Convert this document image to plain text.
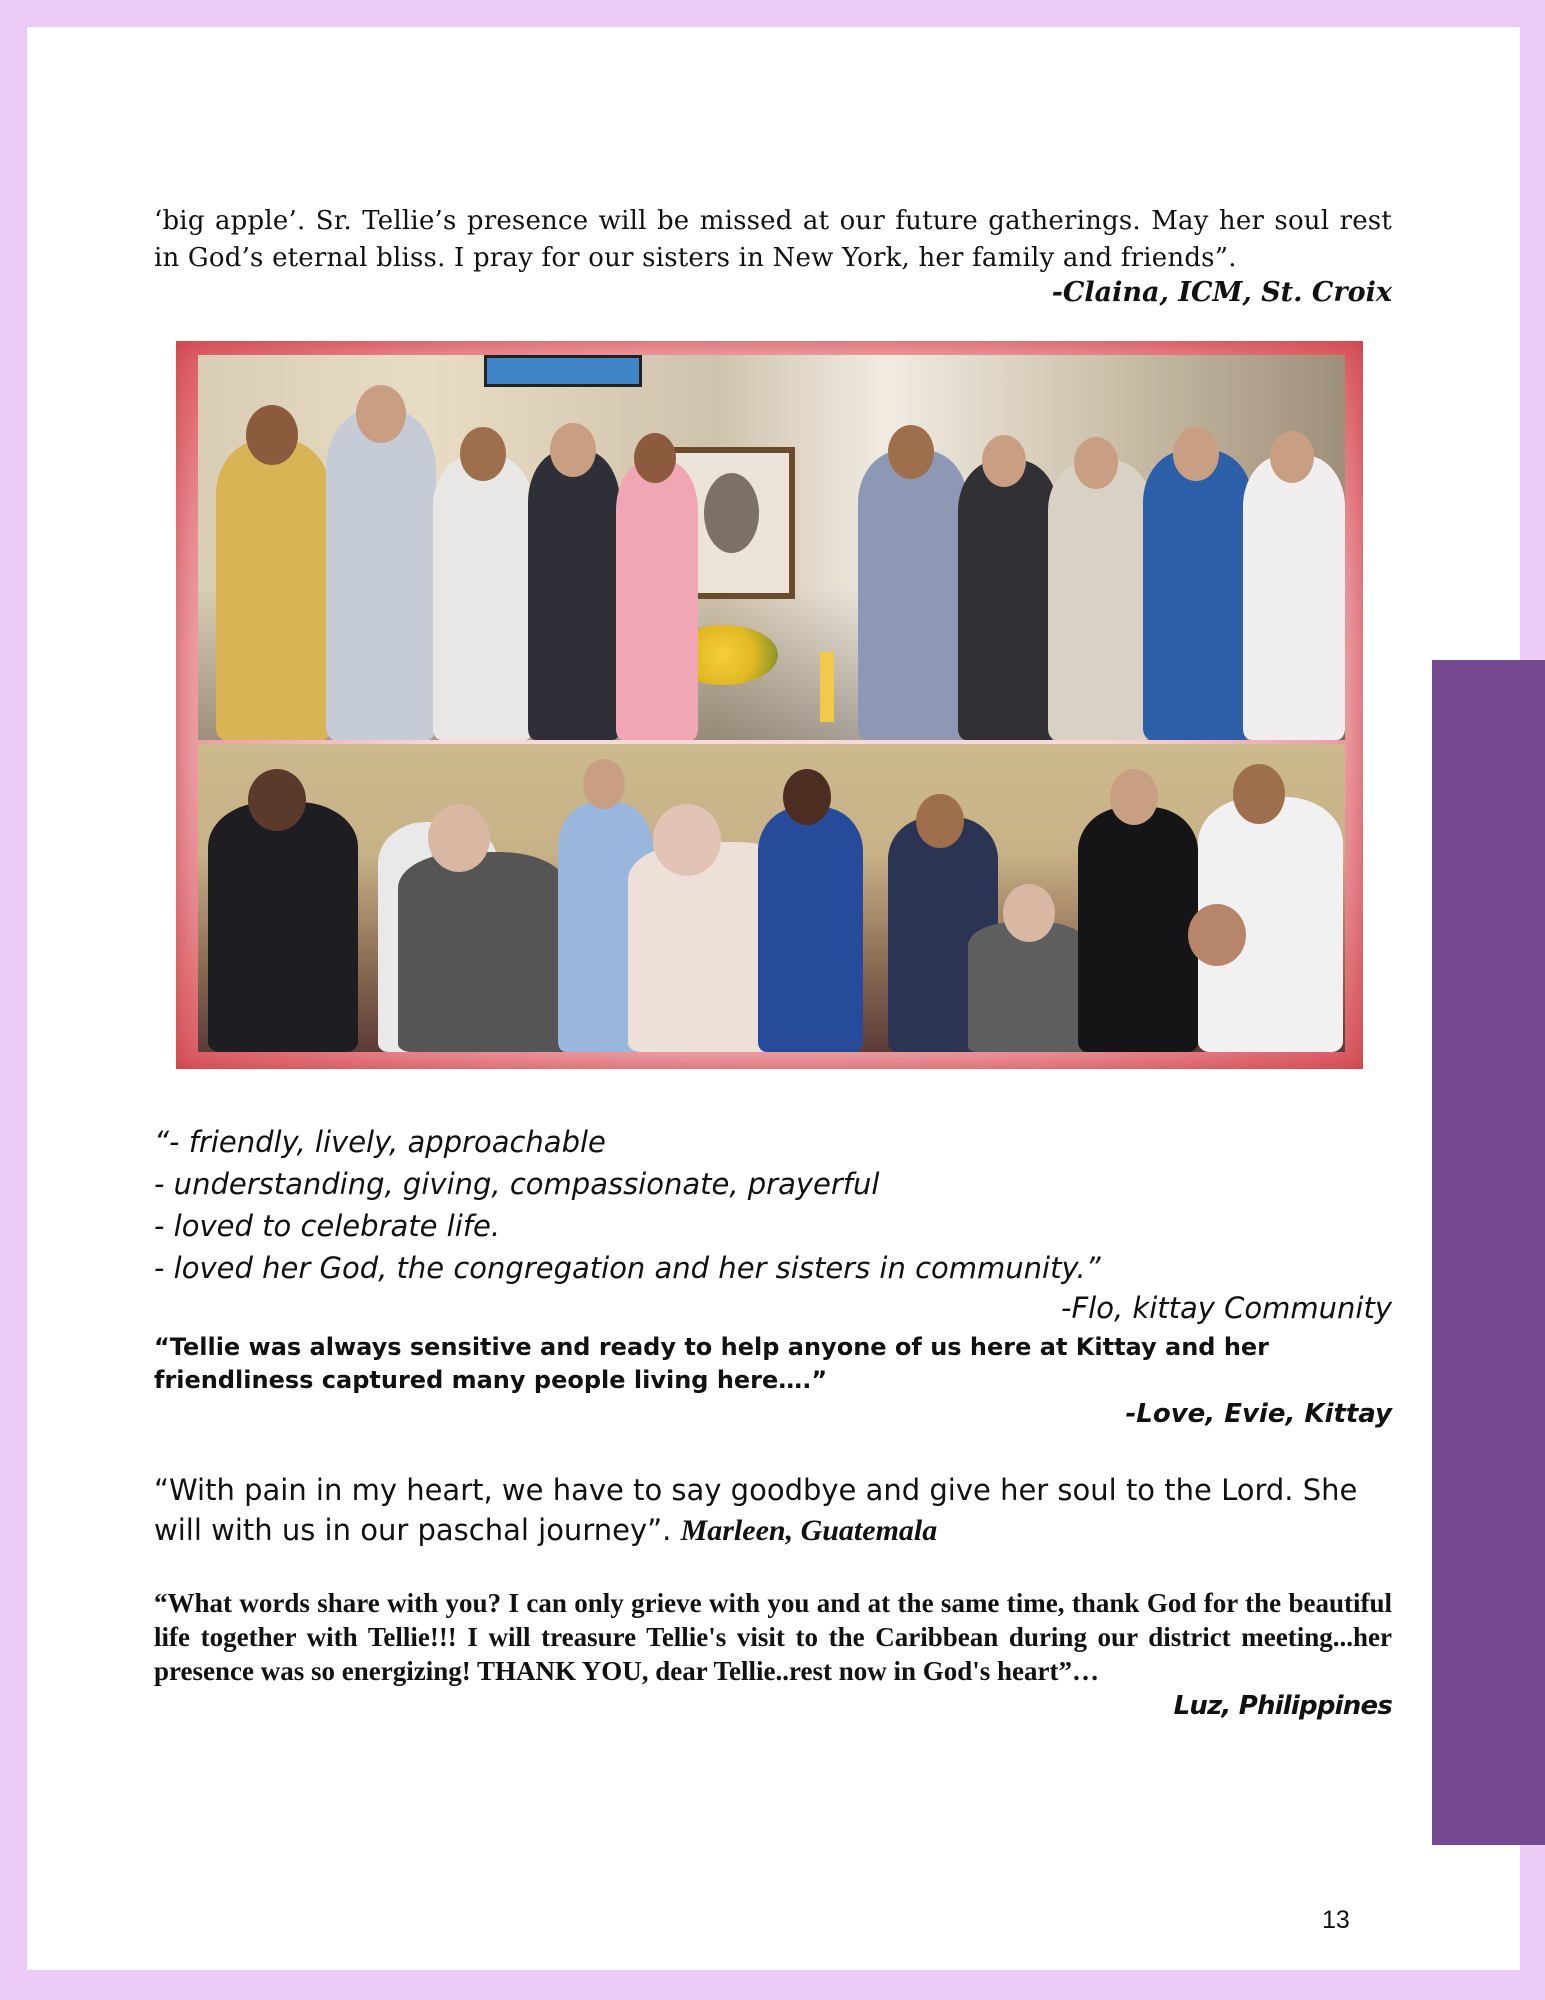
‘big apple’. Sr. Tellie’s presence will be missed at our future gatherings. May her soul rest in God’s eternal bliss. I pray for our sisters in New York, her family and friends”.
-Claina, ICM, St. Croix
“- friendly, lively, approachable
- understanding, giving, compassionate, prayerful
- loved to celebrate life.
- loved her God, the congregation and her sisters in community.”
-Flo, kittay Community
“Tellie was always sensitive and ready to help anyone of us here at Kittay and her friendliness captured many people living here….”
-Love, Evie, Kittay
“With pain in my heart, we have to say goodbye and give her soul to the Lord. She will with us in our paschal journey”. Marleen, Guatemala
“What words share with you? I can only grieve with you and at the same time, thank God for the beautiful life together with Tellie!!! I will treasure Tellie's visit to the Caribbean during our district meeting...her presence was so energizing! THANK YOU, dear Tellie..rest now in God's heart”…
Luz, Philippines
13
